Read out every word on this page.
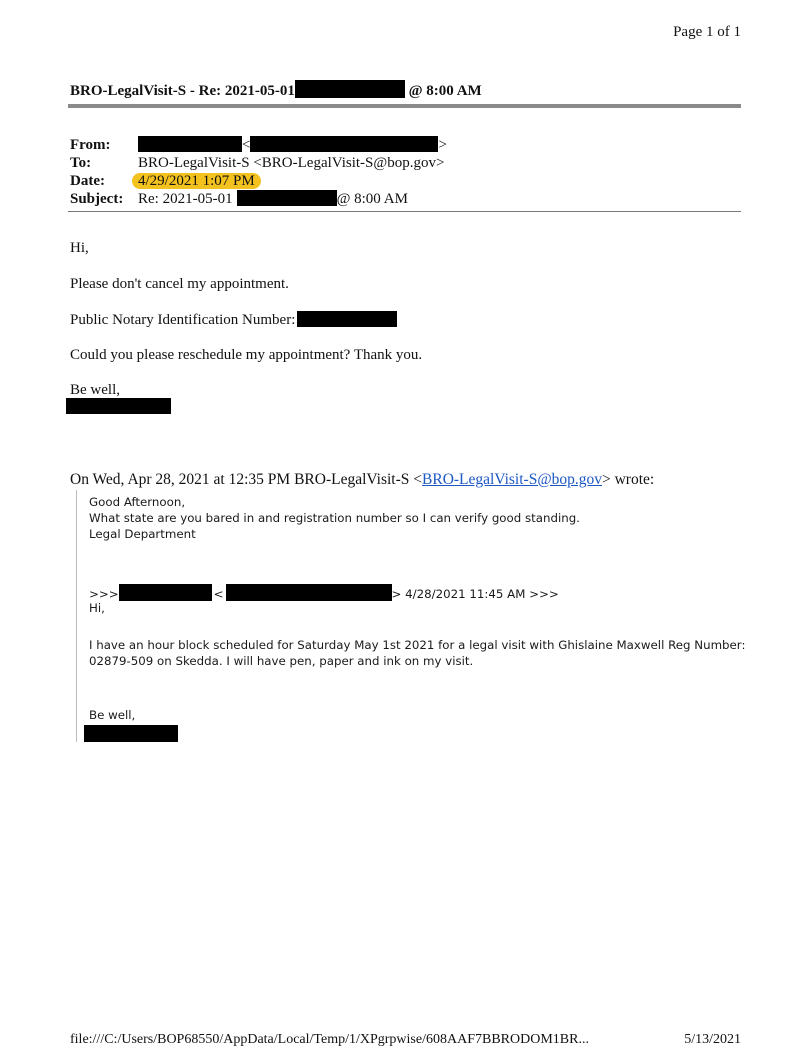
Page 1 of 1
BRO-LegalVisit-S - Re: 2021-05-01	@ 8:00 AM
From:	<	>
To:	BRO-LegalVisit-S <BRO-LegalVisit-S@bop.gov>
Date: 4/29/2021 1:07 PM
Subject: Re: 2021-05-01	@ 8:00 AM
Hi,
Please don't cancel my appointment.
Public Notary Identification Number:
Could you please reschedule my appointment? Thank you.
Be well,
On Wed, Apr 28, 2021 at 12:35 PM BRO-LegalVisit-S <BRO-LegalVisit-S@bop.gov> wrote:
Good Afternoon,
What state are you bared in and registration number so I can verify good standing.
Legal Department
>>>	<	> 4/28/2021 11:45 AM >>>
Hi,
I have an hour block scheduled for Saturday May 1st 2021 for a legal visit with Ghislaine Maxwell Reg Number:
02879-509 on Skedda. I will have pen, paper and ink on my visit.
Be well,
file:///C:/Users/BOP68550/AppData/Local/Temp/1/XPgrpwise/608AAF7BBRODOM1BR...	5/13/2021
